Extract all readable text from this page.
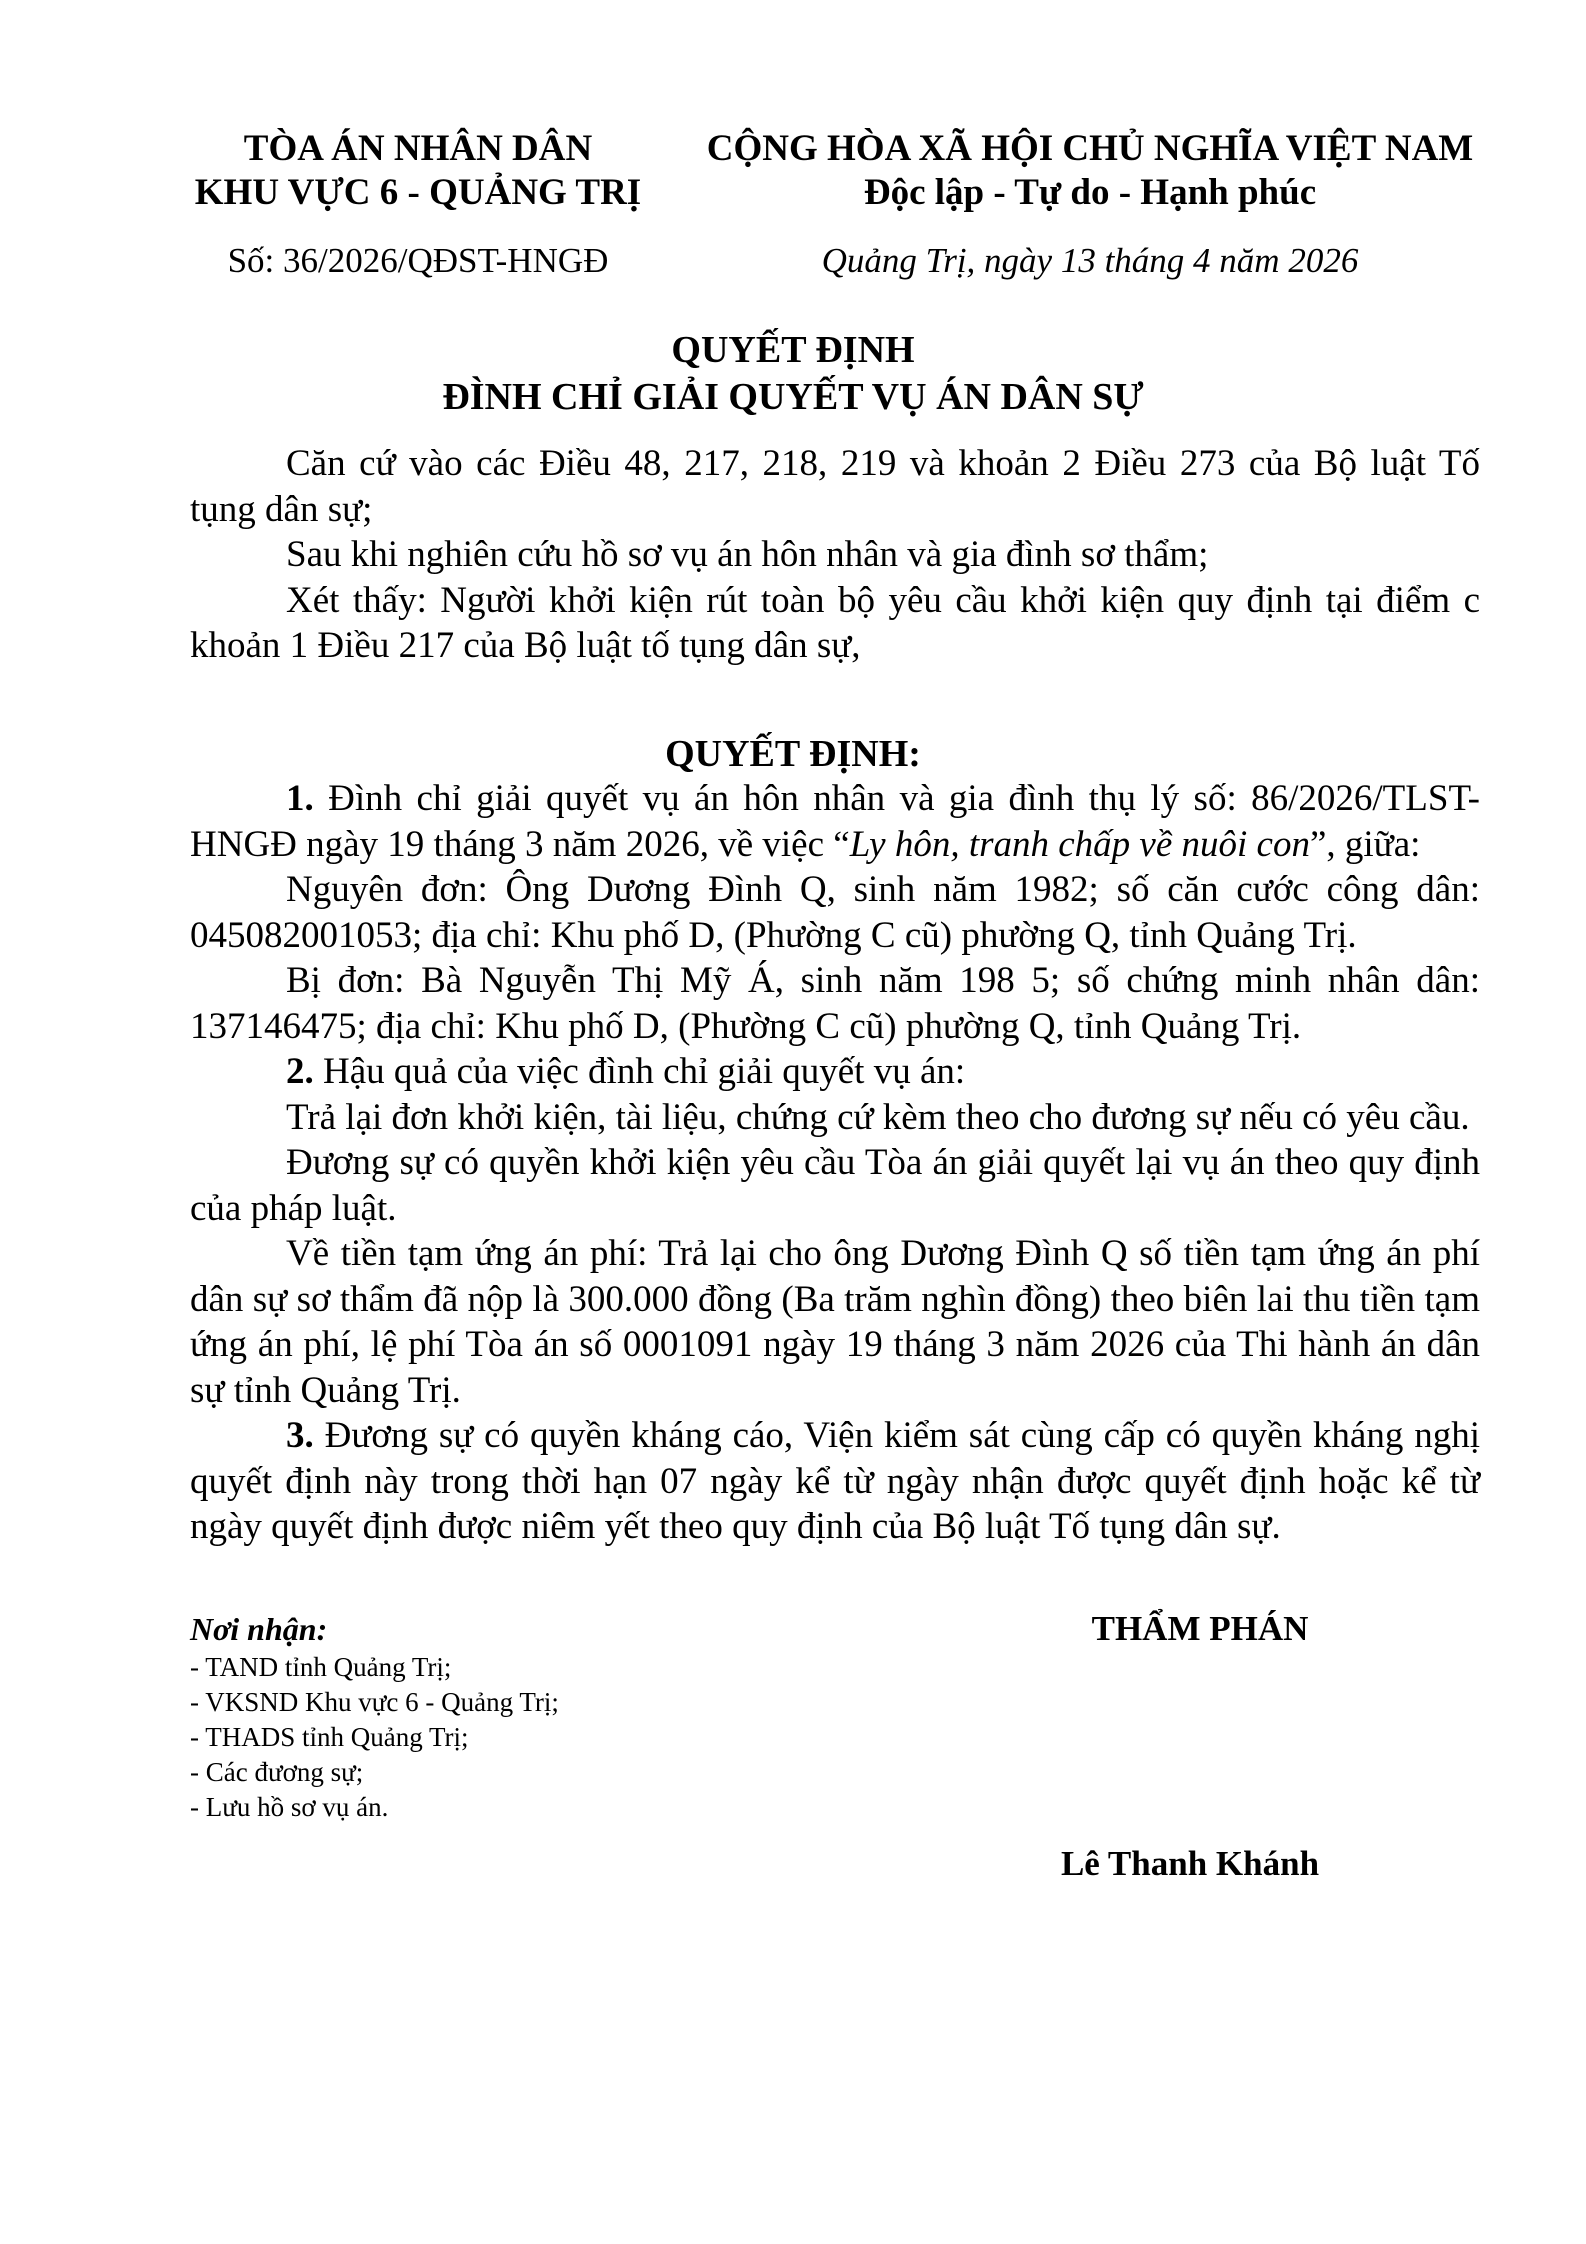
TÒA ÁN NHÂN DÂN
KHU VỰC 6 - QUẢNG TRỊ
Số: 36/2026/QĐST-HNGĐ
CỘNG HÒA XÃ HỘI CHỦ NGHĨA VIỆT NAM
Độc lập - Tự do - Hạnh phúc
Quảng Trị, ngày 13 tháng 4 năm 2026
QUYẾT ĐỊNH
ĐÌNH CHỈ GIẢI QUYẾT VỤ ÁN DÂN SỰ

Căn cứ vào các Điều 48, 217, 218, 219 và khoản 2 Điều 273 của Bộ luật Tố tụng dân sự;

Sau khi nghiên cứu hồ sơ vụ án hôn nhân và gia đình sơ thẩm;

Xét thấy: Người khởi kiện rút toàn bộ yêu cầu khởi kiện quy định tại điểm c khoản 1 Điều 217 của Bộ luật tố tụng dân sự,

QUYẾT ĐỊNH:

1. Đình chỉ giải quyết vụ án hôn nhân và gia đình thụ lý số: 86/2026/TLST-HNGĐ ngày 19 tháng 3 năm 2026, về việc “Ly hôn, tranh chấp về nuôi con”, giữa:

Nguyên đơn: Ông Dương Đình Q, sinh năm 1982; số căn cước công dân: 045082001053; địa chỉ: Khu phố D, (Phường C cũ) phường Q, tỉnh Quảng Trị.

Bị đơn: Bà Nguyễn Thị Mỹ Á, sinh năm 198 5; số chứng minh nhân dân: 137146475; địa chỉ: Khu phố D, (Phường C cũ) phường Q, tỉnh Quảng Trị.

2. Hậu quả của việc đình chỉ giải quyết vụ án:

Trả lại đơn khởi kiện, tài liệu, chứng cứ kèm theo cho đương sự nếu có yêu cầu.

Đương sự có quyền khởi kiện yêu cầu Tòa án giải quyết lại vụ án theo quy định của pháp luật.

Về tiền tạm ứng án phí: Trả lại cho ông Dương Đình Q số tiền tạm ứng án phí dân sự sơ thẩm đã nộp là 300.000 đồng (Ba trăm nghìn đồng) theo biên lai thu tiền tạm ứng án phí, lệ phí Tòa án số 0001091 ngày 19 tháng 3 năm 2026 của Thi hành án dân sự tỉnh Quảng Trị.

3. Đương sự có quyền kháng cáo, Viện kiểm sát cùng cấp có quyền kháng nghị quyết định này trong thời hạn 07 ngày kể từ ngày nhận được quyết định hoặc kể từ ngày quyết định được niêm yết theo quy định của Bộ luật Tố tụng dân sự.

Nơi nhận:
- TAND tỉnh Quảng Trị;
- VKSND Khu vực 6 - Quảng Trị;
- THADS tỉnh Quảng Trị;
- Các đương sự;
- Lưu hồ sơ vụ án.
THẨM PHÁN
Lê Thanh Khánh
